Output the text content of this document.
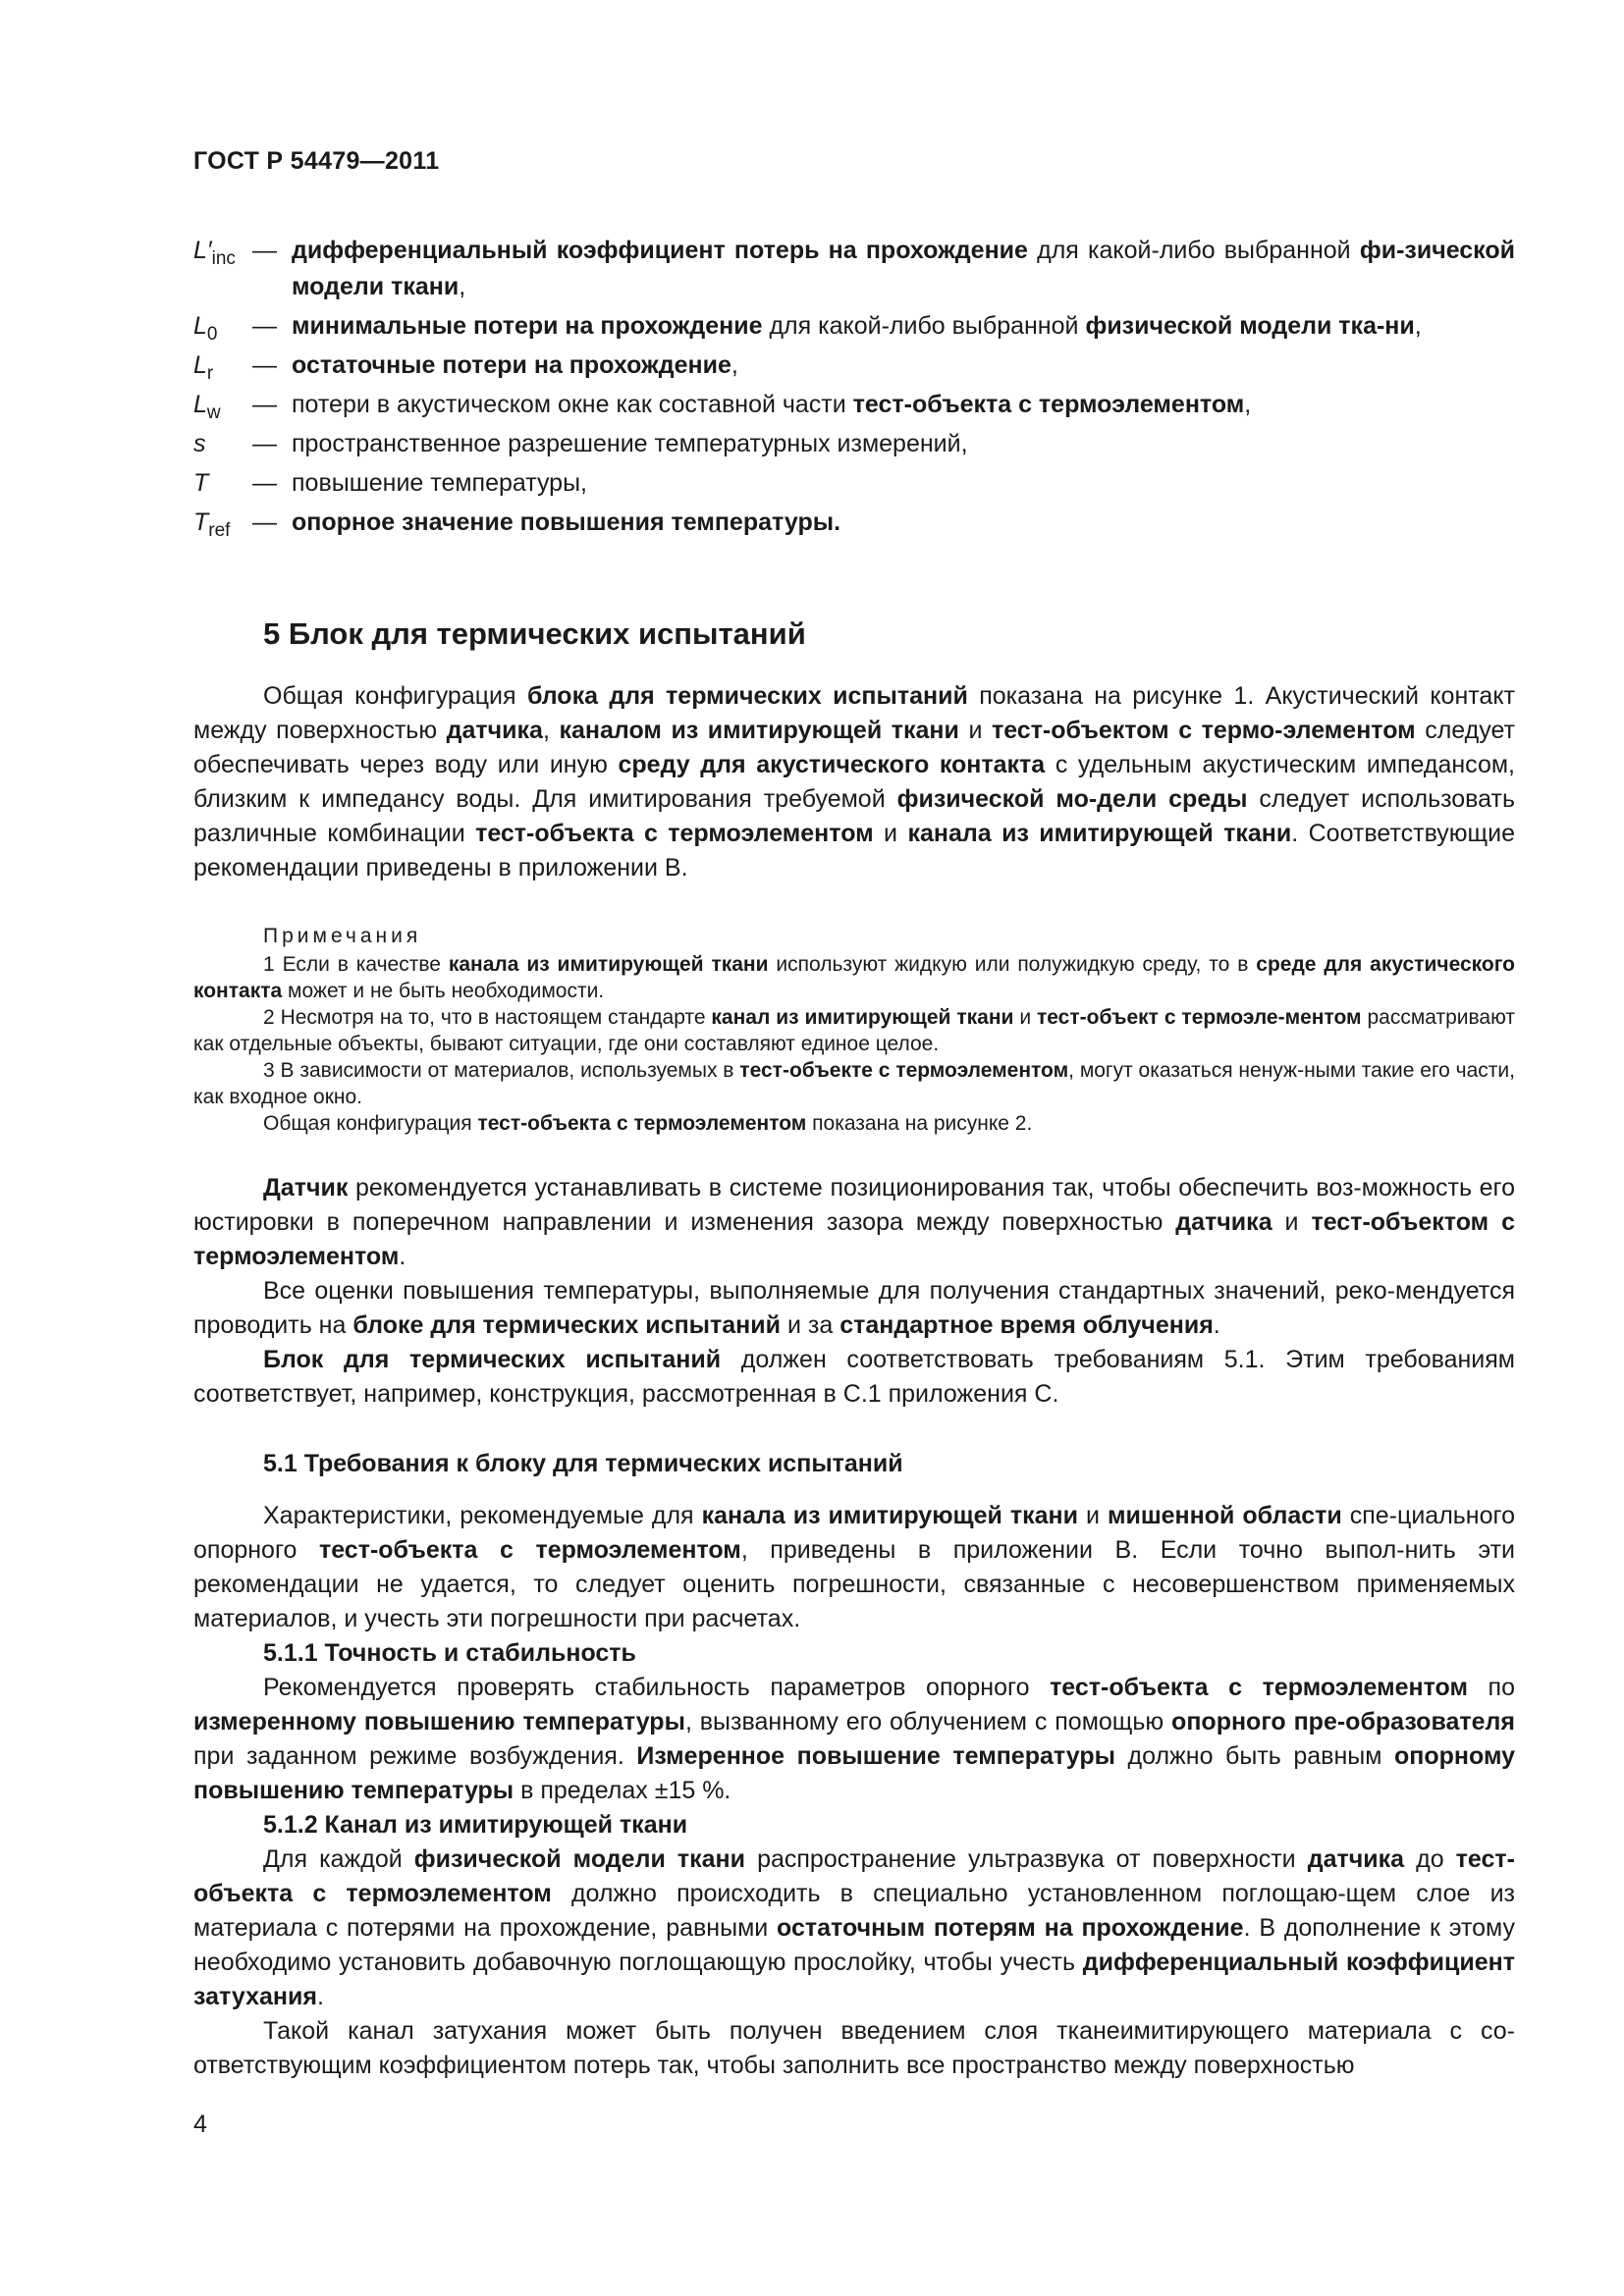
ГОСТ Р 54479—2011
$L'_{inc}$ — дифференциальный коэффициент потерь на прохождение для какой-либо выбранной фи-зической модели ткани,
$L_0$	— минимальные потери на прохождение для какой-либо выбранной физической модели тка-ни,
$L_r$	— остаточные потери на прохождение,
$L_w$	— потери в акустическом окне как составной части тест-объекта с термоэлементом,
s	— пространственное разрешение температурных измерений,
T	— повышение температуры,
$T_{ref}$ — опорное значение повышения температуры.
5 Блок для термических испытаний

Общая конфигурация блока для термических испытаний показана на рисунке 1. Акустический контакт между поверхностью датчика, каналом из имитирующей ткани и тест-объектом с термо-элементом следует обеспечивать через воду или иную среду для акустического контакта с удельным акустическим импедансом, близким к импедансу воды. Для имитирования требуемой физической мо-дели среды следует использовать различные комбинации тест-объекта с термоэлементом и канала из имитирующей ткани. Соответствующие рекомендации приведены в приложении В.

Примечания

1 Если в качестве канала из имитирующей ткани используют жидкую или полужидкую среду, то в среде для акустического контакта может и не быть необходимости.

2 Несмотря на то, что в настоящем стандарте канал из имитирующей ткани и тест-объект с термоэле-ментом рассматривают как отдельные объекты, бывают ситуации, где они составляют единое целое.

3 В зависимости от материалов, используемых в тест-объекте с термоэлементом, могут оказаться ненуж-ными такие его части, как входное окно.

Общая конфигурация тест-объекта с термоэлементом показана на рисунке 2.

Датчик рекомендуется устанавливать в системе позиционирования так, чтобы обеспечить воз-можность его юстировки в поперечном направлении и изменения зазора между поверхностью датчика и тест-объектом с термоэлементом.

Все оценки повышения температуры, выполняемые для получения стандартных значений, реко-мендуется проводить на блоке для термических испытаний и за стандартное время облучения.

Блок для термических испытаний должен соответствовать требованиям 5.1. Этим требованиям соответствует, например, конструкция, рассмотренная в С.1 приложения С.

5.1 Требования к блоку для термических испытаний

Характеристики, рекомендуемые для канала из имитирующей ткани и мишенной области спе-циального опорного тест-объекта с термоэлементом, приведены в приложении В. Если точно выпол-нить эти рекомендации не удается, то следует оценить погрешности, связанные с несовершенством применяемых материалов, и учесть эти погрешности при расчетах.

5.1.1 Точность и стабильность

Рекомендуется проверять стабильность параметров опорного тест-объекта с термоэлементом по измеренному повышению температуры, вызванному его облучением с помощью опорного пре-образователя при заданном режиме возбуждения. Измеренное повышение температуры должно быть равным опорному повышению температуры в пределах ±15 %.

5.1.2 Канал из имитирующей ткани

Для каждой физической модели ткани распространение ультразвука от поверхности датчика до тест-объекта с термоэлементом должно происходить в специально установленном поглощаю-щем слое из материала с потерями на прохождение, равными остаточным потерям на прохождение. В дополнение к этому необходимо установить добавочную поглощающую прослойку, чтобы учесть дифференциальный коэффициент затухания.

Такой канал затухания может быть получен введением слоя тканеимитирующего материала с со-ответствующим коэффициентом потерь так, чтобы заполнить все пространство между поверхностью

4
